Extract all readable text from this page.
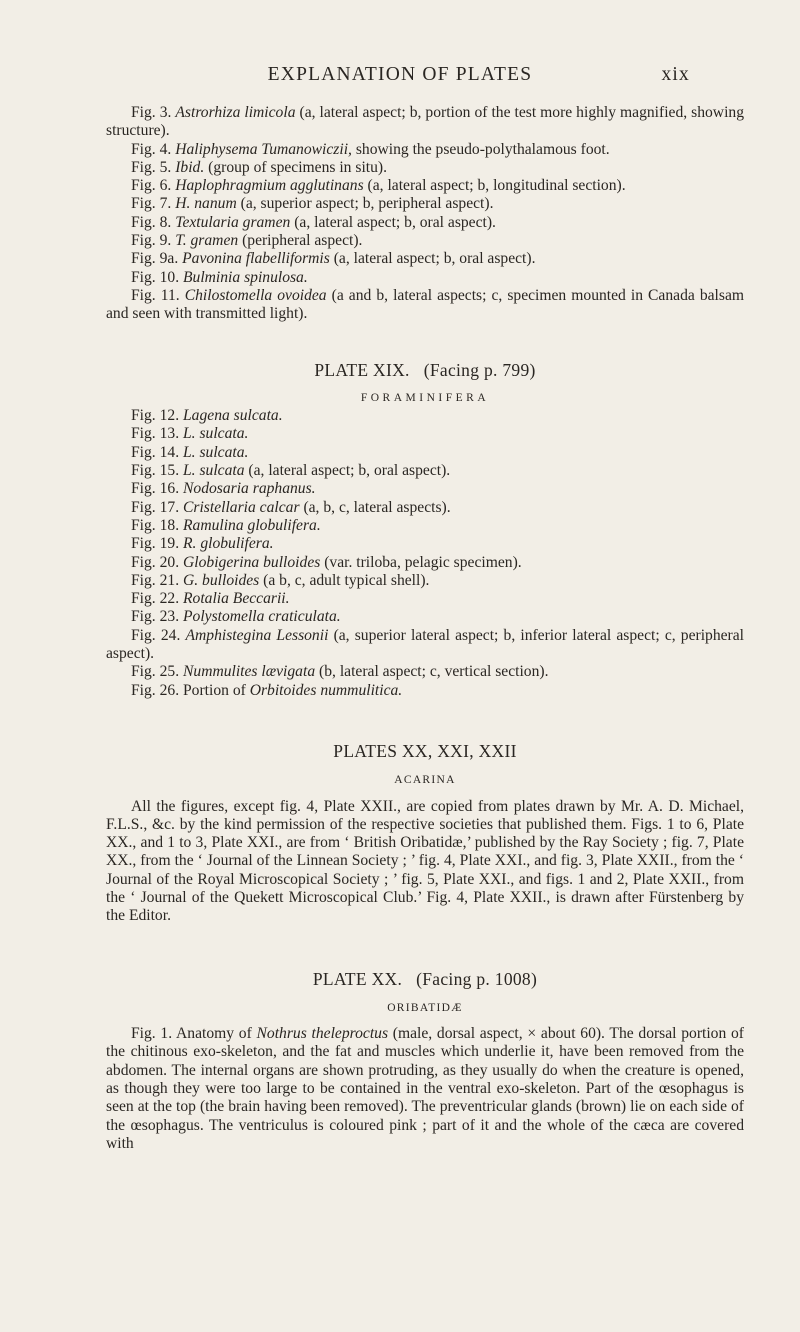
EXPLANATION OF PLATES	xix

Fig. 3. Astrorhiza limicola (a, lateral aspect; b, portion of the test more highly magnified, showing structure).

Fig. 4. Haliphysema Tumanowiczii, showing the pseudo-polythalamous foot.

Fig. 5. Ibid. (group of specimens in situ).

Fig. 6. Haplophragmium agglutinans (a, lateral aspect; b, longitudinal section).

Fig. 7. H. nanum (a, superior aspect; b, peripheral aspect).

Fig. 8. Textularia gramen (a, lateral aspect; b, oral aspect).

Fig. 9. T. gramen (peripheral aspect).

Fig. 9a. Pavonina flabelliformis (a, lateral aspect; b, oral aspect).

Fig. 10. Bulminia spinulosa.

Fig. 11. Chilostomella ovoidea (a and b, lateral aspects; c, specimen mounted in Canada balsam and seen with transmitted light).

PLATE XIX.   (Facing p. 799)

FORAMINIFERA

Fig. 12. Lagena sulcata.

Fig. 13. L. sulcata.

Fig. 14. L. sulcata.

Fig. 15. L. sulcata (a, lateral aspect; b, oral aspect).

Fig. 16. Nodosaria raphanus.

Fig. 17. Cristellaria calcar (a, b, c, lateral aspects).

Fig. 18. Ramulina globulifera.

Fig. 19. R. globulifera.

Fig. 20. Globigerina bulloides (var. triloba, pelagic specimen).

Fig. 21. G. bulloides (a b, c, adult typical shell).

Fig. 22. Rotalia Beccarii.

Fig. 23. Polystomella craticulata.

Fig. 24. Amphistegina Lessonii (a, superior lateral aspect; b, inferior lateral aspect; c, peripheral aspect).

Fig. 25. Nummulites lævigata (b, lateral aspect; c, vertical section).

Fig. 26. Portion of Orbitoides nummulitica.

PLATES XX, XXI, XXII

ACARINA

All the figures, except fig. 4, Plate XXII., are copied from plates drawn by Mr. A. D. Michael, F.L.S., &c. by the kind permission of the respective societies that published them. Figs. 1 to 6, Plate XX., and 1 to 3, Plate XXI., are from ‘ British Oribatidæ,’ published by the Ray Society ; fig. 7, Plate XX., from the ‘ Journal of the Linnean Society ; ’ fig. 4, Plate XXI., and fig. 3, Plate XXII., from the ‘ Journal of the Royal Microscopical Society ; ’ fig. 5, Plate XXI., and figs. 1 and 2, Plate XXII., from the ‘ Journal of the Quekett Microscopical Club.’ Fig. 4, Plate XXII., is drawn after Fürstenberg by the Editor.

PLATE XX.   (Facing p. 1008)

ORIBATIDÆ

Fig. 1. Anatomy of Nothrus theleproctus (male, dorsal aspect, × about 60). The dorsal portion of the chitinous exo-skeleton, and the fat and muscles which underlie it, have been removed from the abdomen. The internal organs are shown protruding, as they usually do when the creature is opened, as though they were too large to be contained in the ventral exo-skeleton. Part of the œsophagus is seen at the top (the brain having been removed). The preventricular glands (brown) lie on each side of the œsophagus. The ventriculus is coloured pink ; part of it and the whole of the cæca are covered with
